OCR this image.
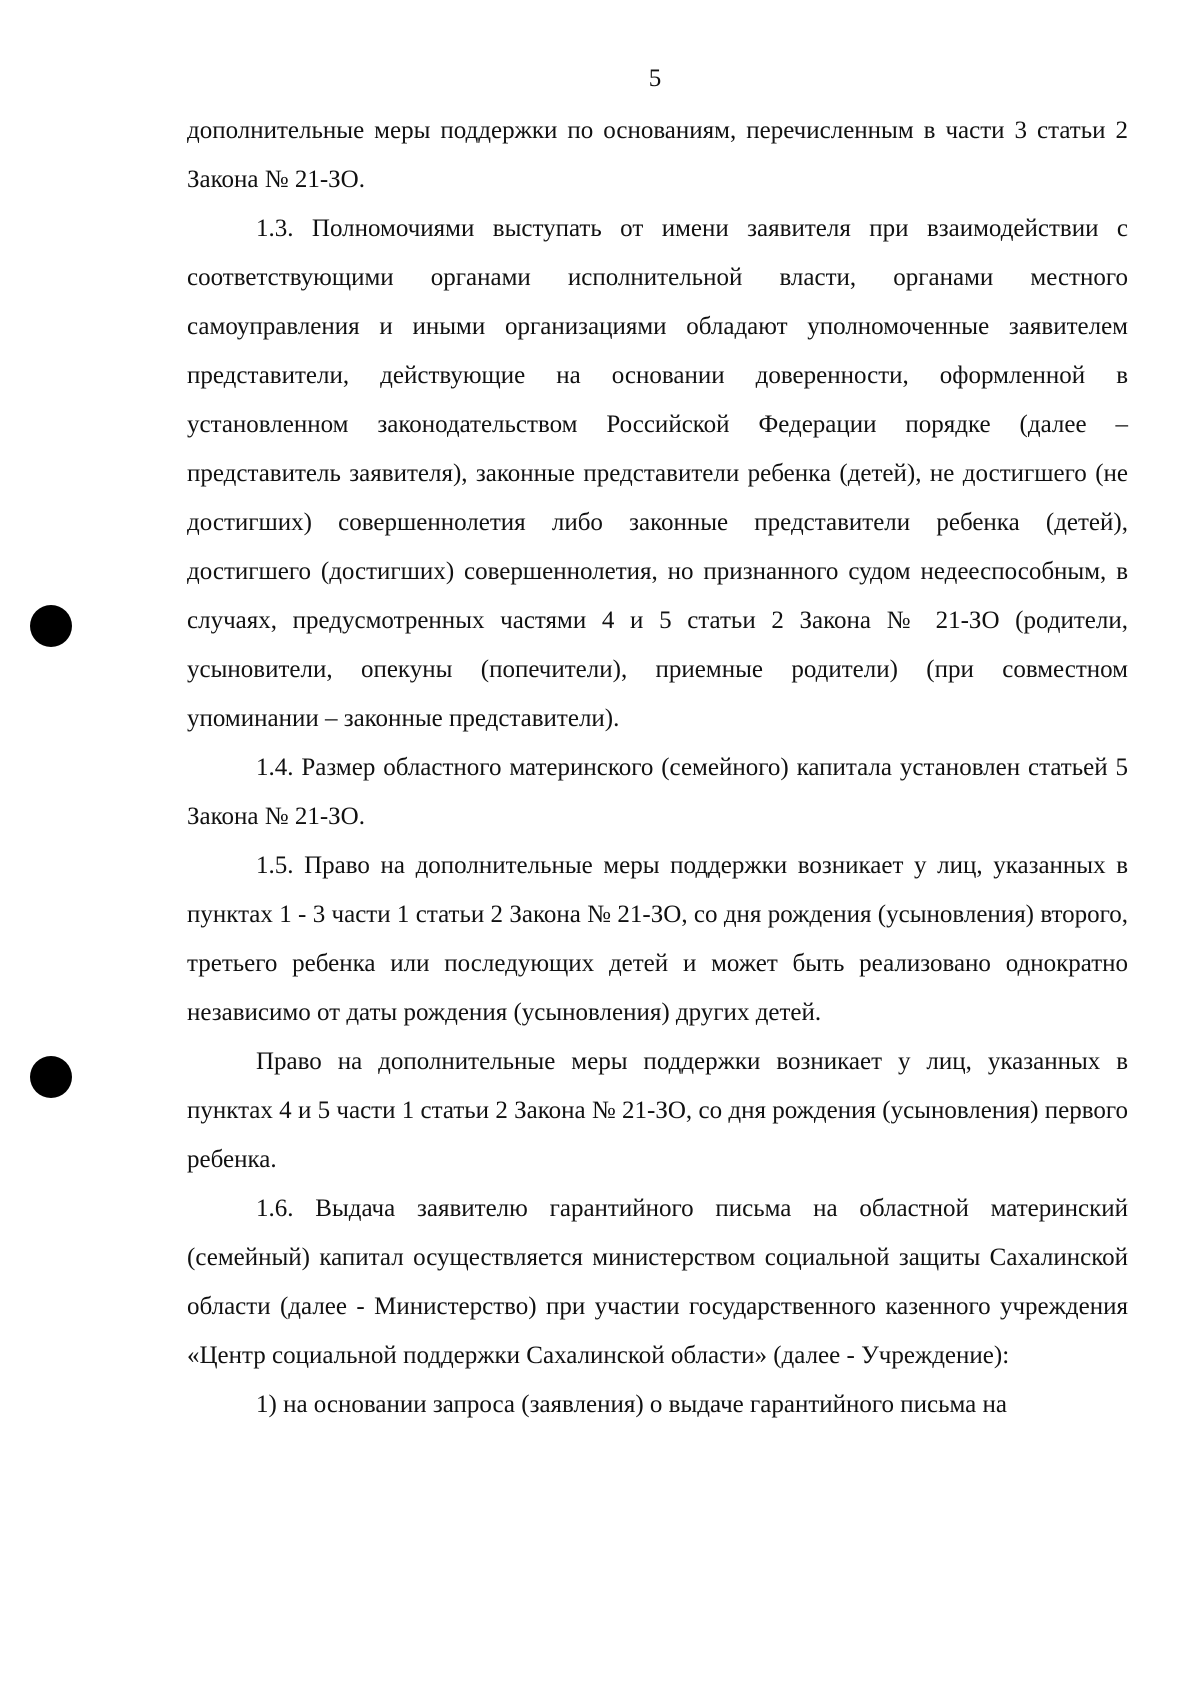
5

дополнительные меры поддержки по основаниям, перечисленным в части 3 статьи 2 Закона № 21-ЗО.

1.3. Полномочиями выступать от имени заявителя при взаимодействии с соответствующими органами исполнительной власти, органами местного самоуправления и иными организациями обладают уполномоченные заявителем представители, действующие на основании доверенности, оформленной в установленном законодательством Российской Федерации порядке (далее – представитель заявителя), законные представители ребенка (детей), не достигшего (не достигших) совершеннолетия либо законные представители ребенка (детей), достигшего (достигших) совершеннолетия, но признанного судом недееспособным, в случаях, предусмотренных частями 4 и 5 статьи 2 Закона № 21-ЗО (родители, усыновители, опекуны (попечители), приемные родители) (при совместном упоминании – законные представители).

1.4. Размер областного материнского (семейного) капитала установлен статьей 5 Закона № 21-ЗО.

1.5. Право на дополнительные меры поддержки возникает у лиц, указанных в пунктах 1 - 3 части 1 статьи 2 Закона № 21-ЗО, со дня рождения (усыновления) второго, третьего ребенка или последующих детей и может быть реализовано однократно независимо от даты рождения (усыновления) других детей.

Право на дополнительные меры поддержки возникает у лиц, указанных в пунктах 4 и 5 части 1 статьи 2 Закона № 21-ЗО, со дня рождения (усыновления) первого ребенка.

1.6. Выдача заявителю гарантийного письма на областной материнский (семейный) капитал осуществляется министерством социальной защиты Сахалинской области (далее - Министерство) при участии государственного казенного учреждения «Центр социальной поддержки Сахалинской области» (далее - Учреждение):

1) на основании запроса (заявления) о выдаче гарантийного письма на
